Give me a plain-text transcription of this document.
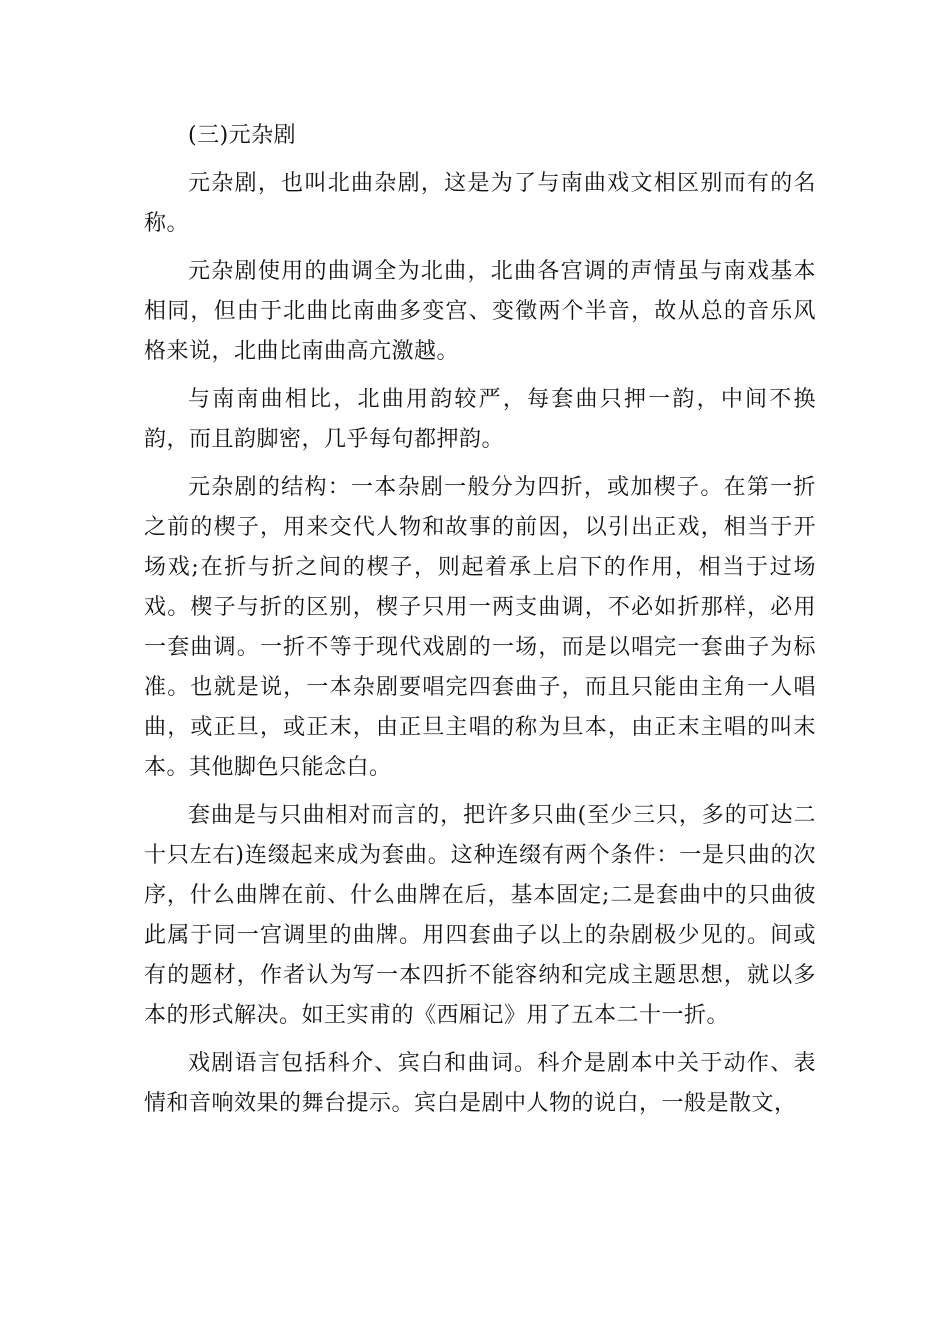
(三)元杂剧

元杂剧，也叫北曲杂剧，这是为了与南曲戏文相区别而有的名称。

元杂剧使用的曲调全为北曲，北曲各宫调的声情虽与南戏基本相同，但由于北曲比南曲多变宫、变徵两个半音，故从总的音乐风格来说，北曲比南曲高亢激越。

与南南曲相比，北曲用韵较严，每套曲只押一韵，中间不换韵，而且韵脚密，几乎每句都押韵。

元杂剧的结构：一本杂剧一般分为四折，或加楔子。在第一折之前的楔子，用来交代人物和故事的前因，以引出正戏，相当于开场戏;在折与折之间的楔子，则起着承上启下的作用，相当于过场戏。楔子与折的区别，楔子只用一两支曲调，不必如折那样，必用一套曲调。一折不等于现代戏剧的一场，而是以唱完一套曲子为标准。也就是说，一本杂剧要唱完四套曲子，而且只能由主角一人唱曲，或正旦，或正末，由正旦主唱的称为旦本，由正末主唱的叫末本。其他脚色只能念白。

套曲是与只曲相对而言的，把许多只曲(至少三只，多的可达二十只左右)连缀起来成为套曲。这种连缀有两个条件：一是只曲的次序，什么曲牌在前、什么曲牌在后，基本固定;二是套曲中的只曲彼此属于同一宫调里的曲牌。用四套曲子以上的杂剧极少见的。间或有的题材，作者认为写一本四折不能容纳和完成主题思想，就以多本的形式解决。如王实甫的《西厢记》用了五本二十一折。

戏剧语言包括科介、宾白和曲词。科介是剧本中关于动作、表情和音响效果的舞台提示。宾白是剧中人物的说白，一般是散文，
